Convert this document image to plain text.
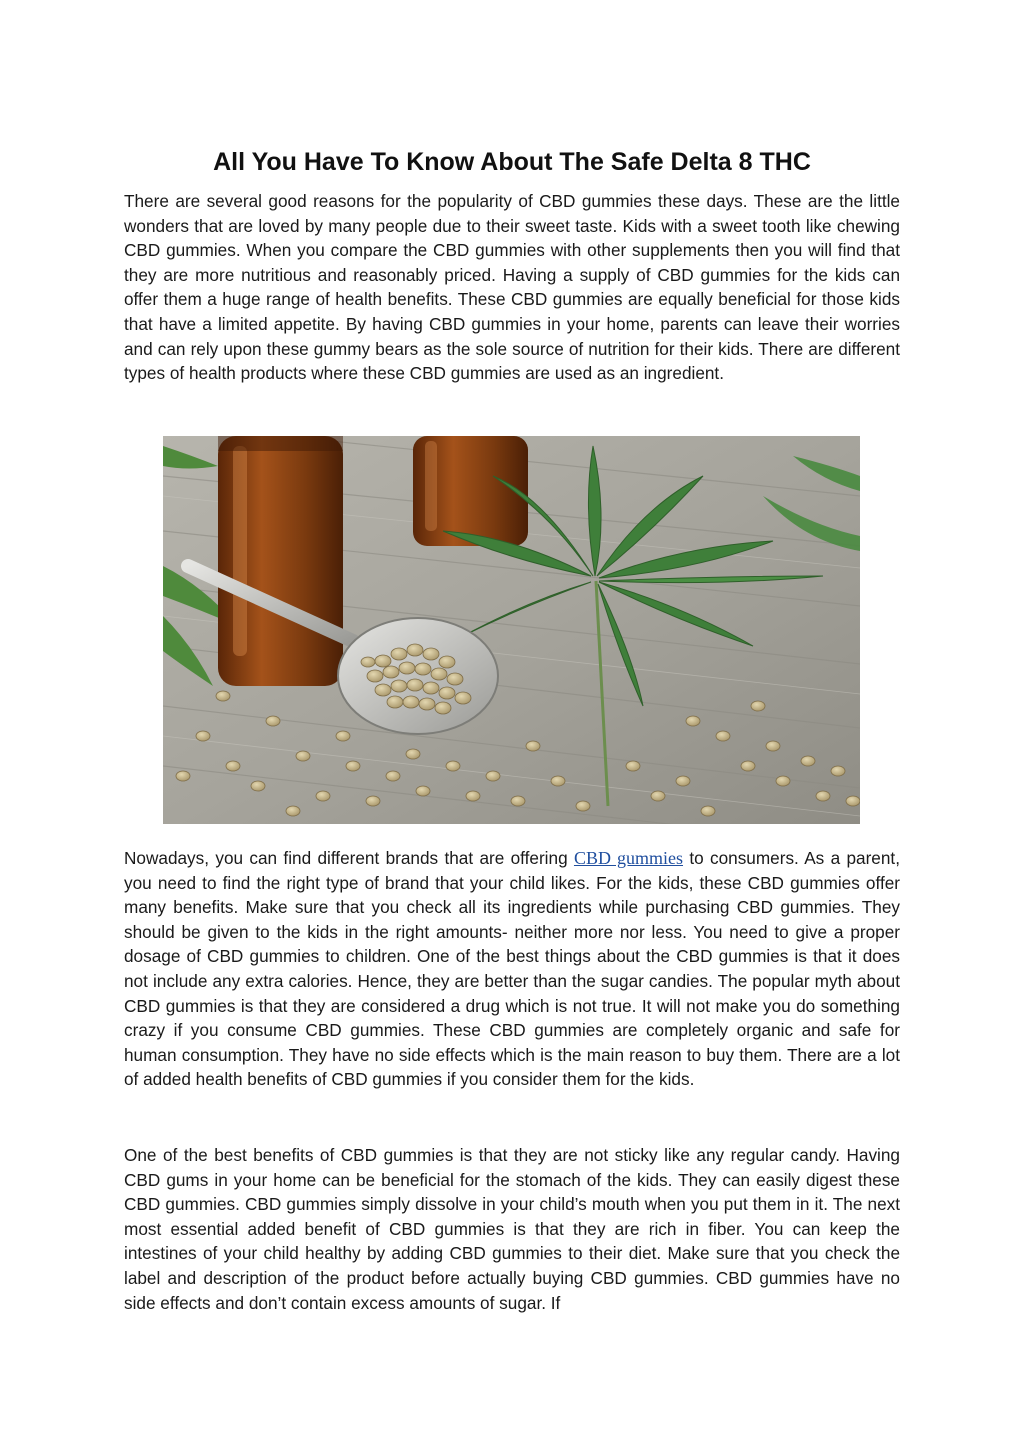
All You Have To Know About The Safe Delta 8 THC

There are several good reasons for the popularity of CBD gummies these days. These are the little wonders that are loved by many people due to their sweet taste. Kids with a sweet tooth like chewing CBD gummies. When you compare the CBD gummies with other supplements then you will find that they are more nutritious and reasonably priced. Having a supply of CBD gummies for the kids can offer them a huge range of health benefits. These CBD gummies are equally beneficial for those kids that have a limited appetite. By having CBD gummies in your home, parents can leave their worries and can rely upon these gummy bears as the sole source of nutrition for their kids. There are different types of health products where these CBD gummies are used as an ingredient.

Nowadays, you can find different brands that are offering CBD gummies to consumers. As a parent, you need to find the right type of brand that your child likes. For the kids, these CBD gummies offer many benefits. Make sure that you check all its ingredients while purchasing CBD gummies. They should be given to the kids in the right amounts- neither more nor less. You need to give a proper dosage of CBD gummies to children. One of the best things about the CBD gummies is that it does not include any extra calories. Hence, they are better than the sugar candies. The popular myth about CBD gummies is that they are considered a drug which is not true. It will not make you do something crazy if you consume CBD gummies. These CBD gummies are completely organic and safe for human consumption. They have no side effects which is the main reason to buy them. There are a lot of added health benefits of CBD gummies if you consider them for the kids.

One of the best benefits of CBD gummies is that they are not sticky like any regular candy. Having CBD gums in your home can be beneficial for the stomach of the kids. They can easily digest these CBD gummies. CBD gummies simply dissolve in your child’s mouth when you put them in it. The next most essential added benefit of CBD gummies is that they are rich in fiber. You can keep the intestines of your child healthy by adding CBD gummies to their diet. Make sure that you check the label and description of the product before actually buying CBD gummies. CBD gummies have no side effects and don’t contain excess amounts of sugar. If
